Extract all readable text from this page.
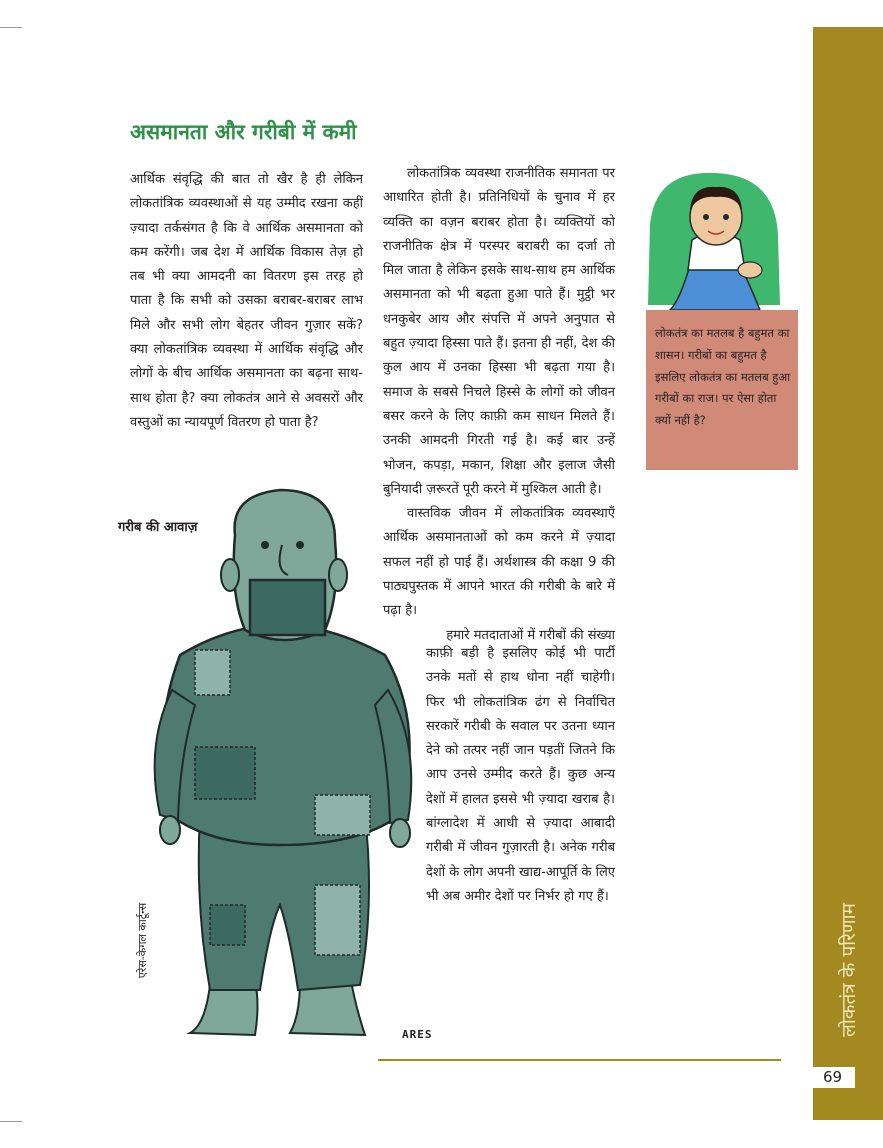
लोकतंत्र के परिणाम
69
असमानता और गरीबी में कमी

आर्थिक संवृद्धि की बात तो खैर है ही लेकिन लोकतांत्रिक व्यवस्थाओं से यह उम्मीद रखना कहीं ज़्यादा तर्कसंगत है कि वे आर्थिक असमानता को कम करेंगी। जब देश में आर्थिक विकास तेज़ हो तब भी क्या आमदनी का वितरण इस तरह हो पाता है कि सभी को उसका बराबर-बराबर लाभ मिले और सभी लोग बेहतर जीवन गुज़ार सकें? क्या लोकतांत्रिक व्यवस्था में आर्थिक संवृद्धि और लोगों के बीच आर्थिक असमानता का बढ़ना साथ-साथ होता है? क्या लोकतंत्र आने से अवसरों और वस्तुओं का न्यायपूर्ण वितरण हो पाता है?

लोकतांत्रिक व्यवस्था राजनीतिक समानता पर आधारित होती है। प्रतिनिधियों के चुनाव में हर व्यक्ति का वज़न बराबर होता है। व्यक्तियों को राजनीतिक क्षेत्र में परस्पर बराबरी का दर्जा तो मिल जाता है लेकिन इसके साथ-साथ हम आर्थिक असमानता को भी बढ़ता हुआ पाते हैं। मुट्ठी भर धनकुबेर आय और संपत्ति में अपने अनुपात से बहुत ज़्यादा हिस्सा पाते हैं। इतना ही नहीं, देश की कुल आय में उनका हिस्सा भी बढ़ता गया है। समाज के सबसे निचले हिस्से के लोगों को जीवन बसर करने के लिए काफ़ी कम साधन मिलते हैं। उनकी आमदनी गिरती गई है। कई बार उन्हें भोजन, कपड़ा, मकान, शिक्षा और इलाज जैसी बुनियादी ज़रूरतें पूरी करने में मुश्किल आती है।

वास्तविक जीवन में लोकतांत्रिक व्यवस्थाएँ आर्थिक असमानताओं को कम करने में ज़्यादा सफल नहीं हो पाई हैं। अर्थशास्त्र की कक्षा 9 की पाठ्यपुस्तक में आपने भारत की गरीबी के बारे में पढ़ा है।

हमारे मतदाताओं में गरीबों की संख्या

काफ़ी बड़ी है इसलिए कोई भी पार्टी उनके मतों से हाथ धोना नहीं चाहेगी। फिर भी लोकतांत्रिक ढंग से निर्वाचित सरकारें गरीबी के सवाल पर उतना ध्यान देने को तत्पर नहीं जान पड़तीं जितने कि आप उनसे उम्मीद करते हैं। कुछ अन्य देशों में हालत इससे भी ज़्यादा खराब है। बांग्लादेश में आधी से ज़्यादा आबादी गरीबी में जीवन गुज़ारती है। अनेक गरीब देशों के लोग अपनी खाद्य-आपूर्ति के लिए भी अब अमीर देशों पर निर्भर हो गए हैं।

गरीब की आवाज़
ARES
एरेस-केगल कार्टून्स
लोकतंत्र का मतलब है बहुमत का शासन। गरीबों का बहुमत है इसलिए लोकतंत्र का मतलब हुआ गरीबों का राज। पर ऐसा होता क्यों नहीं है?
